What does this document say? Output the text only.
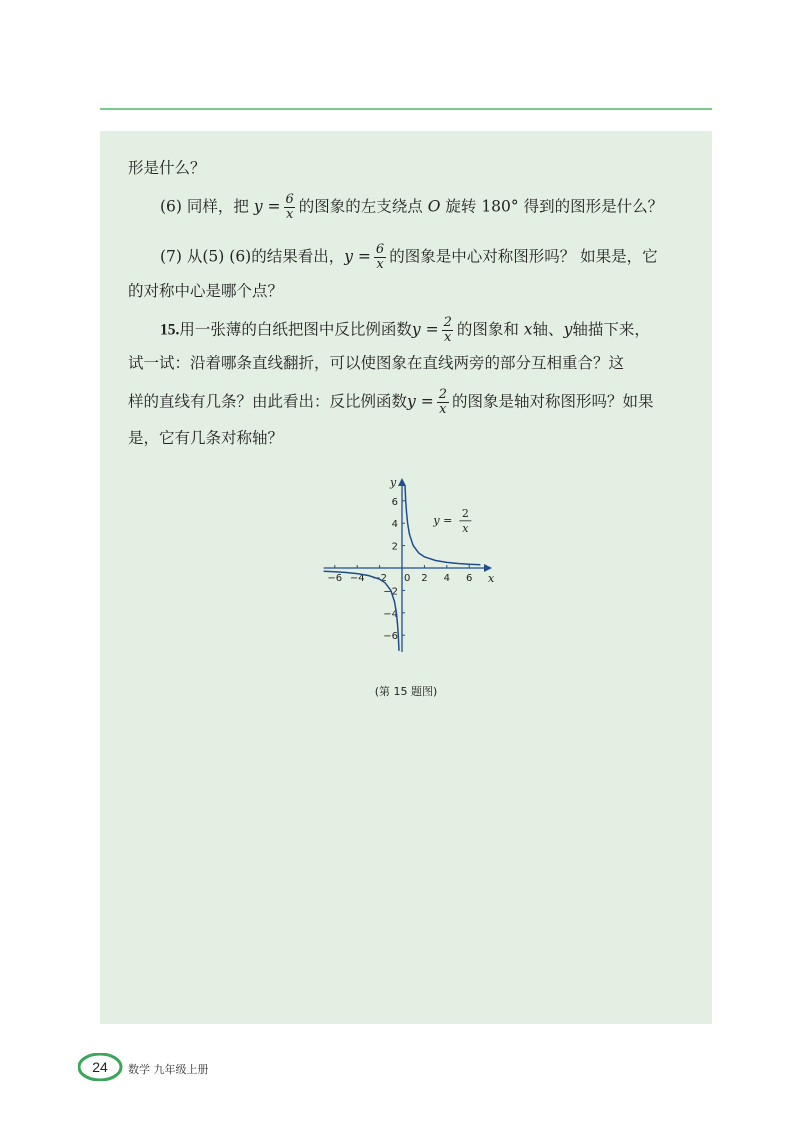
形是什么？
(6) 同样，把 $y = \frac{6}{x}$ 的图象的左支绕点 O 旋转 180° 得到的图形是什么？
(7) 从(5) (6)的结果看出，$y = \frac{6}{x}$ 的图象是中心对称图形吗？ 如果是，它
的对称中心是哪个点？
15.用一张薄的白纸把图中反比例函数$y = \frac{2}{x}$ 的图象和 x轴、y轴描下来，
试一试：沿着哪条直线翻折，可以使图象在直线两旁的部分互相重合？这
样的直线有几条？由此看出：反比例函数$y = \frac{2}{x}$ 的图象是轴对称图形吗？如果
是，它有几条对称轴？
x
y
−6 −4 −2	2 4 6
6
4
2
−2
−4
−6
0
y =
2
x
(第 15 题图)
24 数学 九年级上册
